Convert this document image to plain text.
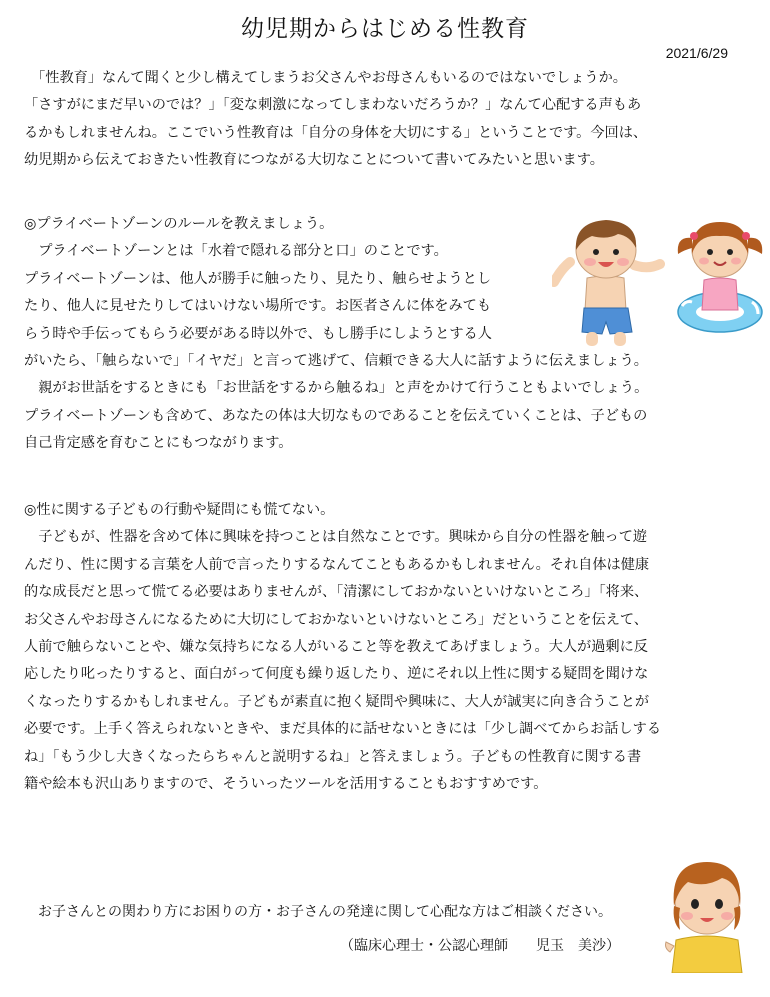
幼児期からはじめる性教育
2021/6/29
　「性教育」なんて聞くと少し構えてしまうお父さんやお母さんもいるのではないでしょうか。
「さすがにまだ早いのでは？」「変な刺激になってしまわないだろうか？」なんて心配する声もあ
るかもしれませんね。ここでいう性教育は「自分の身体を大切にする」ということです。今回は、
幼児期から伝えておきたい性教育につながる大切なことについて書いてみたいと思います。
◎プライベートゾーンのルールを教えましょう。
　プライベートゾーンとは「水着で隠れる部分と口」のことです。
プライベートゾーンは、他人が勝手に触ったり、見たり、触らせようとし
たり、他人に見せたりしてはいけない場所です。お医者さんに体をみても
らう時や手伝ってもらう必要がある時以外で、もし勝手にしようとする人
がいたら、「触らないで」「イヤだ」と言って逃げて、信頼できる大人に話すように伝えましょう。
　親がお世話をするときにも「お世話をするから触るね」と声をかけて行うこともよいでしょう。
プライベートゾーンも含めて、あなたの体は大切なものであることを伝えていくことは、子どもの
自己肯定感を育むことにもつながります。
◎性に関する子どもの行動や疑問にも慌てない。
　子どもが、性器を含めて体に興味を持つことは自然なことです。興味から自分の性器を触って遊
んだり、性に関する言葉を人前で言ったりするなんてこともあるかもしれません。それ自体は健康
的な成長だと思って慌てる必要はありませんが、「清潔にしておかないといけないところ」「将来、
お父さんやお母さんになるために大切にしておかないといけないところ」だということを伝えて、
人前で触らないことや、嫌な気持ちになる人がいること等を教えてあげましょう。大人が過剰に反
応したり叱ったりすると、面白がって何度も繰り返したり、逆にそれ以上性に関する疑問を聞けな
くなったりするかもしれません。子どもが素直に抱く疑問や興味に、大人が誠実に向き合うことが
必要です。上手く答えられないときや、まだ具体的に話せないときには「少し調べてからお話しする
ね」「もう少し大きくなったらちゃんと説明するね」と答えましょう。子どもの性教育に関する書
籍や絵本も沢山ありますので、そういったツールを活用することもおすすめです。
お子さんとの関わり方にお困りの方・お子さんの発達に関して心配な方はご相談ください。
（臨床心理士・公認心理師　　児玉　美沙）
